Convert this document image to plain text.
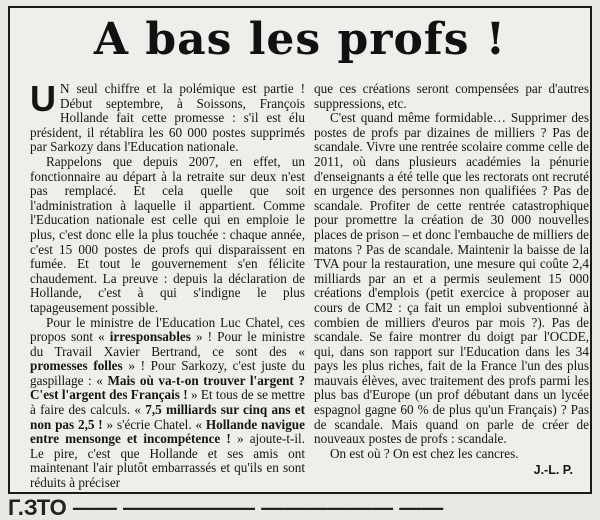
A bas les profs !

U N seul chiffre et la polémique est partie ! Début septembre, à Soissons, François Hollande fait cette promesse : s'il est élu président, il rétablira les 60 000 postes supprimés par Sarkozy dans l'Education nationale.

Rappelons que depuis 2007, en effet, un fonctionnaire au départ à la retraite sur deux n'est pas remplacé. Et cela quelle que soit l'administration à laquelle il appartient. Comme l'Education nationale est celle qui en emploie le plus, c'est donc elle la plus touchée : chaque année, c'est 15 000 postes de profs qui disparaissent en fumée. Et tout le gouvernement s'en félicite chaudement. La preuve : depuis la déclaration de Hollande, c'est à qui s'indigne le plus tapageusement possible.

Pour le ministre de l'Education Luc Chatel, ces propos sont « irresponsables » ! Pour le ministre du Travail Xavier Bertrand, ce sont des « promesses folles » ! Pour Sarkozy, c'est juste du gaspillage : « Mais où va-t-on trouver l'argent ? C'est l'argent des Français ! » Et tous de se mettre à faire des calculs. « 7,5 milliards sur cinq ans et non pas 2,5 ! » s'écrie Chatel. « Hollande navigue entre mensonge et incompétence ! » ajoute-t-il. Le pire, c'est que Hollande et ses amis ont maintenant l'air plutôt embarrassés et qu'ils en sont réduits à préciser

que ces créations seront compensées par d'autres suppressions, etc.

C'est quand même formidable… Supprimer des postes de profs par dizaines de milliers ? Pas de scandale. Vivre une rentrée scolaire comme celle de 2011, où dans plusieurs académies la pénurie d'enseignants a été telle que les rectorats ont recruté en urgence des personnes non qualifiées ? Pas de scandale. Profiter de cette rentrée catastrophique pour promettre la création de 30 000 nouvelles places de prison – et donc l'embauche de milliers de matons ? Pas de scandale. Maintenir la baisse de la TVA pour la restauration, une mesure qui coûte 2,4 milliards par an et a permis seulement 15 000 créations d'emplois (petit exercice à proposer au cours de CM2 : ça fait un emploi subventionné à combien de milliers d'euros par mois ?). Pas de scandale. Se faire montrer du doigt par l'OCDE, qui, dans son rapport sur l'Education dans les 34 pays les plus riches, fait de la France l'un des plus mauvais élèves, avec traitement des profs parmi les plus bas d'Europe (un prof débutant dans un lycée espagnol gagne 60 % de plus qu'un Français) ? Pas de scandale. Mais quand on parle de créer de nouveaux postes de profs : scandale.

On est où ? On est chez les cancres.

J.-L. P.
Г.ЗТО —— —————— —————— ——
